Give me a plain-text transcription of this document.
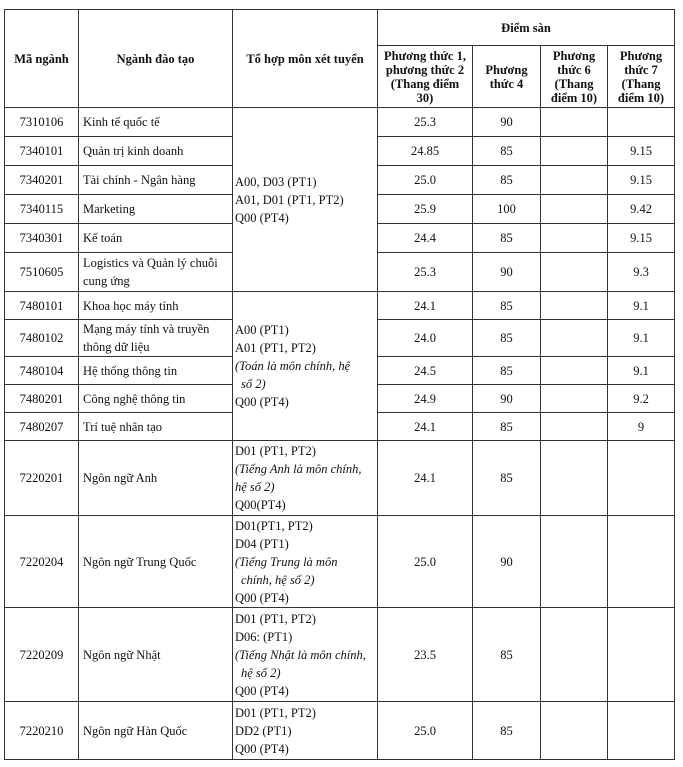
Mã ngành	Ngành đào tạo	Tổ hợp môn xét tuyển	Điểm sàn			
			Phương thức 1, phương thức 2 (Thang điểm 30)	Phương thức 4	Phương thức 6 (Thang điểm 10)	Phương thức 7 (Thang điểm 10)
7310106	Kinh tế quốc tế	A00, D03 (PT1)
A01, D01 (PT1, PT2)
Q00 (PT4)	25.3	90		
7340101	Quản trị kinh doanh		24.85	85		9.15
7340201	Tài chính - Ngân hàng		25.0	85		9.15
7340115	Marketing		25.9	100		9.42
7340301	Kế toán		24.4	85		9.15
7510605	Logistics và Quản lý chuỗi
cung ứng		25.3	90		9.3
7480101	Khoa học máy tính	A00 (PT1)
A01 (PT1, PT2)
(Toán là môn chính, hệ
số 2)
Q00 (PT4)	24.1	85		9.1
7480102	Mạng máy tính và truyền
thông dữ liệu		24.0	85		9.1
7480104	Hệ thống thông tin		24.5	85		9.1
7480201	Công nghệ thông tin		24.9	90		9.2
7480207	Trí tuệ nhân tạo		24.1	85		9
7220201	Ngôn ngữ Anh	D01 (PT1, PT2)
(Tiếng Anh là môn chính,
hệ số 2)
Q00(PT4)	24.1	85		
7220204	Ngôn ngữ Trung Quốc	D01(PT1, PT2)
D04 (PT1)
(Tiếng Trung là môn
chính, hệ số 2)
Q00 (PT4)	25.0	90		
7220209	Ngôn ngữ Nhật	D01 (PT1, PT2)
D06: (PT1)
(Tiếng Nhật là môn chính,
hệ số 2)
Q00 (PT4)	23.5	85		
7220210	Ngôn ngữ Hàn Quốc	D01 (PT1, PT2)
DD2 (PT1)
Q00 (PT4)	25.0	85		
